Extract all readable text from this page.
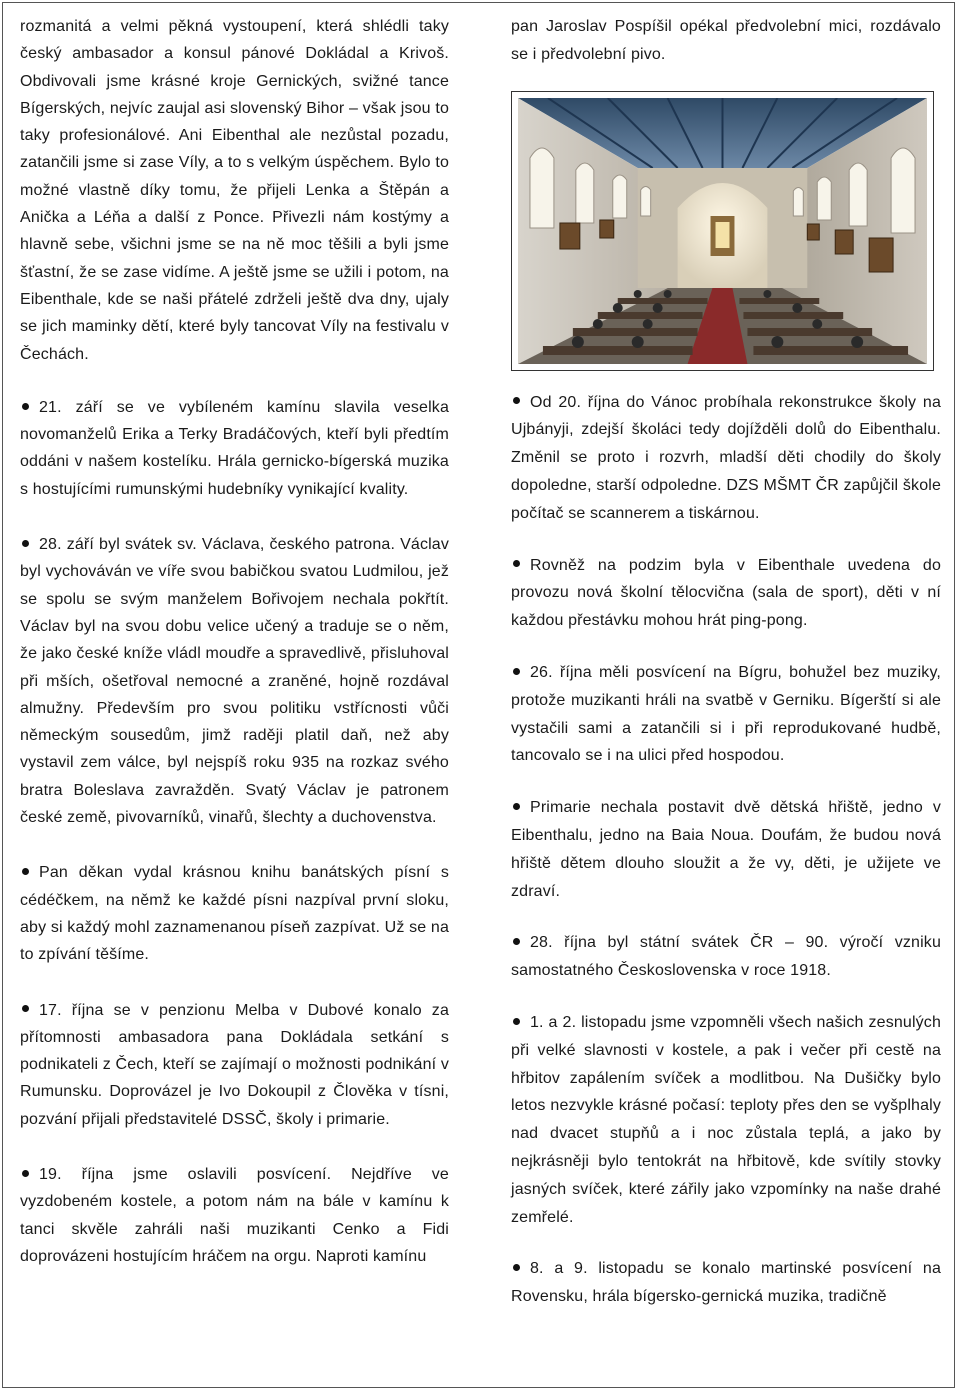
rozmanitá a velmi pěkná vystoupení, která shlédli taky český ambasador a konsul pánové Dokládal a Krivoš. Obdivovali jsme krásné kroje Gernických, svižné tance Bígerských, nejvíc zaujal asi slovenský Bihor – však jsou to taky profesionálové. Ani Eibenthal ale nezůstal pozadu, zatančili jsme si zase Víly, a to s velkým úspěchem. Bylo to možné vlastně díky tomu, že přijeli Lenka a Štěpán a Anička a Léňa a další z Ponce. Přivezli nám kostýmy a hlavně sebe, všichni jsme se na ně moc těšili a byli jsme šťastní, že se zase vidíme. A ještě jsme se užili i potom, na Eibenthale, kde se naši přátelé zdrželi ještě dva dny, ujaly se jich maminky dětí, které byly tancovat Víly na festivalu v Čechách.

21. září se ve vybíleném kamínu slavila veselka novomanželů Erika a Terky Bradáčových, kteří byli předtím oddáni v našem kostelíku. Hrála gernicko-bígerská muzika s hostujícími rumunskými hudebníky vynikající kvality.

28. září byl svátek sv. Václava, českého patrona. Václav byl vychováván ve víře svou babičkou svatou Ludmilou, jež se spolu se svým manželem Bořivojem nechala pokřtít. Václav byl na svou dobu velice učený a traduje se o něm, že jako české kníže vládl moudře a spravedlivě, přisluhoval při mších, ošetřoval nemocné a zraněné, hojně rozdával almužny. Především pro svou politiku vstřícnosti vůči německým sousedům, jimž raději platil daň, než aby vystavil zem válce, byl nejspíš roku 935 na rozkaz svého bratra Boleslava zavražděn. Svatý Václav je patronem české země, pivovarníků, vinařů, šlechty a duchovenstva.

Pan děkan vydal krásnou knihu banátských písní s cédéčkem, na němž ke každé písni nazpíval první sloku, aby si každý mohl zaznamenanou píseň zazpívat. Už se na to zpívání těšíme.

17. října se v penzionu Melba v Dubové konalo za přítomnosti ambasadora pana Dokládala setkání s podnikateli z Čech, kteří se zajímají o možnosti podnikání v Rumunsku. Doprovázel je Ivo Dokoupil z Člověka v tísni, pozvání přijali představitelé DSSČ, školy i primarie.

19. října jsme oslavili posvícení. Nejdříve ve vyzdobeném kostele, a potom nám na bále v kamínu k tanci skvěle zahráli naši muzikanti Cenko a Fidi doprovázeni hostujícím hráčem na orgu. Naproti kamínu

pan Jaroslav Pospíšil opékal předvolební mici, rozdávalo se i předvolební pivo.

Od 20. října do Vánoc probíhala rekonstrukce školy na Ujbányji, zdejší školáci tedy dojížděli dolů do Eibenthalu. Změnil se proto i rozvrh, mladší děti chodily do školy dopoledne, starší odpoledne. DZS MŠMT ČR zapůjčil škole počítač se scannerem a tiskárnou.

Rovněž na podzim byla v Eibenthale uvedena do provozu nová školní tělocvična (sala de sport), děti v ní každou přestávku mohou hrát ping-pong.

26. října měli posvícení na Bígru, bohužel bez muziky, protože muzikanti hráli na svatbě v Gerniku. Bígerští si ale vystačili sami a zatančili si i při reprodukované hudbě, tancovalo se i na ulici před hospodou.

Primarie nechala postavit dvě dětská hřiště, jedno v Eibenthalu, jedno na Baia Noua. Doufám, že budou nová hřiště dětem dlouho sloužit a že vy, děti, je užijete ve zdraví.

28. října byl státní svátek ČR – 90. výročí vzniku samostatného Československa v roce 1918.

1. a 2. listopadu jsme vzpomněli všech našich zesnulých při velké slavnosti v kostele, a pak i večer při cestě na hřbitov zapálením svíček a modlitbou. Na Dušičky bylo letos nezvykle krásné počasí: teploty přes den se vyšplhaly nad dvacet stupňů a i noc zůstala teplá, a jako by nejkrásněji bylo tentokrát na hřbitově, kde svítily stovky jasných svíček, které zářily jako vzpomínky na naše drahé zemřelé.

8. a 9. listopadu se konalo martinské posvícení na Rovensku, hrála bígersko-gernická muzika, tradičně
